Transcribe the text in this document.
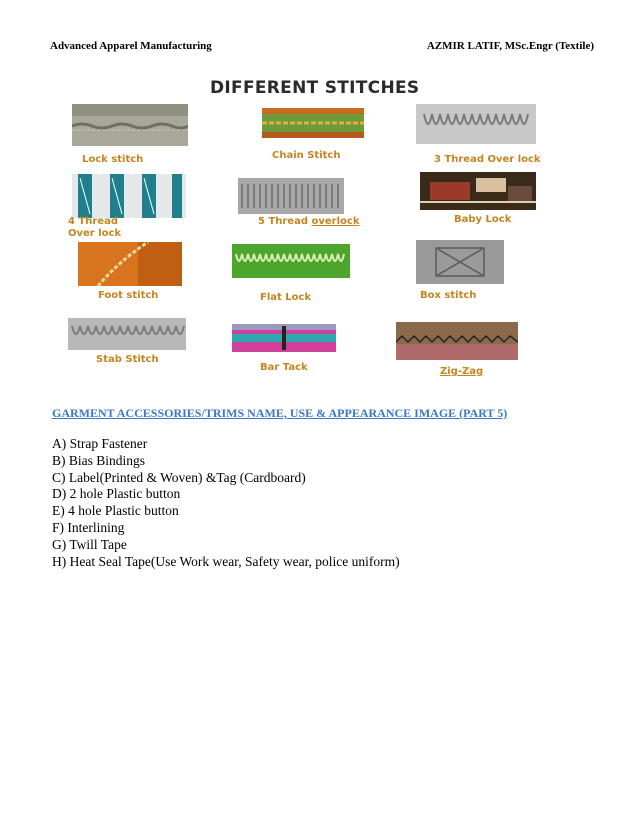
Advanced Apparel Manufacturing	AZMIR LATIF, MSc.Engr (Textile)
DIFFERENT STITCHES
Lock stitch	Chain Stitch	3 Thread Over lock
4 Thread
Over lock
5 Thread overlock	Baby Lock
Foot stitch	Flat Lock	Box stitch
Stab Stitch
Bar Tack	Zig-Zag
GARMENT ACCESSORIES/TRIMS NAME, USE & APPEARANCE IMAGE (PART 5)
A) Strap Fastener
B) Bias Bindings
C) Label(Printed & Woven) &Tag (Cardboard)
D) 2 hole Plastic button
E) 4 hole Plastic button
F) Interlining
G) Twill Tape
H) Heat Seal Tape(Use Work wear, Safety wear, police uniform)
